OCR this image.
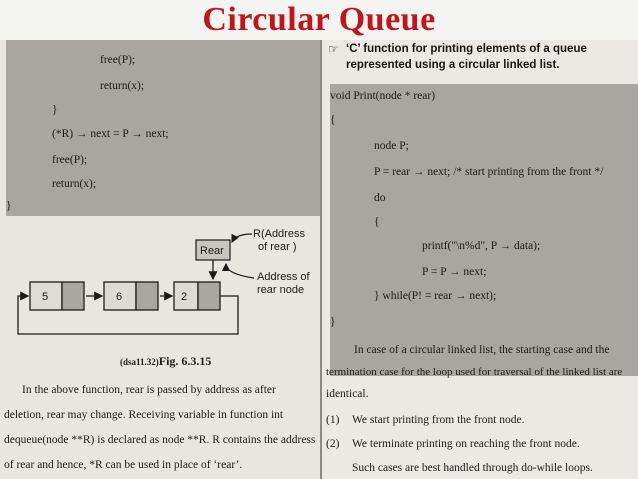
Circular Queue
free(P);
return(x);
}
(*R) → next = P → next;
free(P);
return(x);
}
Rear
R(Address
of rear )
Address of
rear node
5	6	2
(dsa11.32)Fig. 6.3.15
In the above function, rear is passed by address as after
deletion, rear may change. Receiving variable in function int
dequeue(node **R) is declared as node **R. R contains the address
of rear and hence, *R can be used in place of ‘rear’.
☞ ‘C’ function for printing elements of a queue
represented using a circular linked list.
void Print(node * rear)
{
node P;
P = rear → next; /* start printing from the front */
do
{
printf("\n%d", P → data);
P = P → next;
} while(P! = rear → next);
}
In case of a circular linked list, the starting case and the
termination case for the loop used for traversal of the linked list are
identical.
(1) We start printing from the front node.
(2) We terminate printing on reaching the front node.
Such cases are best handled through do-while loops.
